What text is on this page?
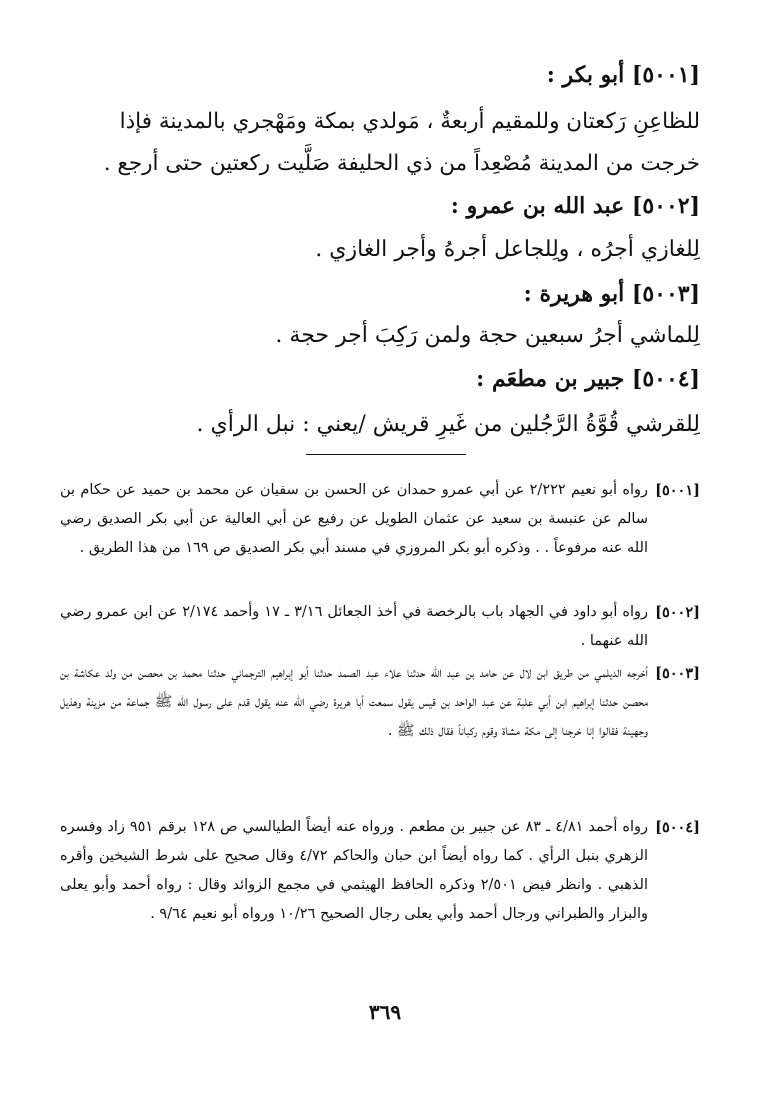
[٥٠٠١] أبو بكر :
للظاعِنِ رَكعتان وللمقيم أربعةٌ ، مَولدي بمكة ومَهْجري بالمدينة فإذا
خرجت من المدينة مُصْعِداً من ذي الحليفة صَلَّيت ركعتين حتى أرجع .
[٥٠٠٢] عبد الله بن عمرو :
لِلغازي أجرُه ، ولِلجاعل أجرهُ وأجر الغازي .
[٥٠٠٣] أبو هريرة :
لِلماشي أجرُ سبعين حجة ولمن رَكِبَ أجر حجة .
[٥٠٠٤] جبير بن مطعَم :
لِلقرشي قُوَّةُ الرَّجُلين من غَيرِ قريش /يعني : نبل الرأي .
[٥٠٠١]
رواه أبو نعيم ٢/٢٢٢ عن أبي عمرو حمدان عن الحسن بن سفيان عن محمد بن حميد عن حكام بن سالم عن عنبسة بن سعيد عن عثمان الطويل عن رفيع عن أبي العالية عن أبي بكر الصديق رضي الله عنه مرفوعاً . . وذكره أبو بكر المروزي في مسند أبي بكر الصديق ص ١٦٩ من هذا الطريق .
[٥٠٠٢]
رواه أبو داود في الجهاد باب بالرخصة في أخذ الجعائل ٣/١٦ ـ ١٧ وأحمد ٢/١٧٤ عن ابن عمرو رضي الله عنهما .
[٥٠٠٣]
أخرجه الديلمي من طريق ابن لال عن حامد بن عبد الله حدثنا علاء عبد الصمد حدثنا أبو إبراهيم الترجماني حدثنا محمد بن محصن من ولد عكاشة بن محصن حدثنا إبراهيم ابن أبي علبة عن عبد الواحد بن قيس يقول سمعت أبا هريرة رضي الله عنه يقول قدم على رسول الله ﷺ جماعة من مزينة وهذيل وجهينة فقالوا إنا خرجنا إلى مكة مشاة وقوم ركباناً فقال ذلك ﷺ .
[٥٠٠٤]
رواه أحمد ٤/٨١ ـ ٨٣ عن جبير بن مطعم . ورواه عنه أيضاً الطيالسي ص ١٢٨ برقم ٩٥١ زاد وفسره الزهري بنبل الرأي . كما رواه أيضاً ابن حبان والحاكم ٤/٧٢ وقال صحيح على شرط الشيخين وأقره الذهبي . وانظر فيض ٢/٥٠١ وذكره الحافظ الهيثمي في مجمع الزوائد وقال : رواه أحمد وأبو يعلى والبزار والطبراني ورجال أحمد وأبي يعلى رجال الصحيح ١٠/٢٦ ورواه أبو نعيم ٩/٦٤ .
٣٦٩
